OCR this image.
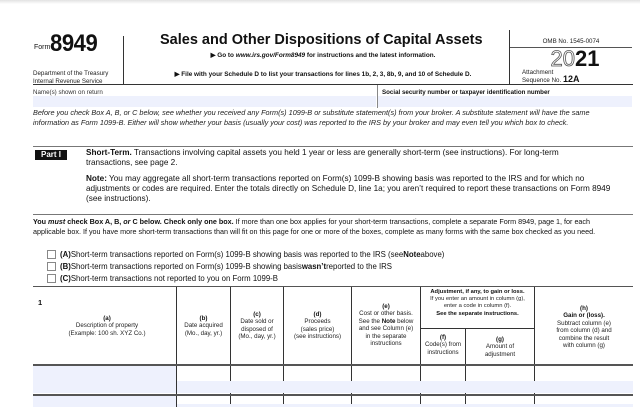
Form 8949
Department of the Treasury
Internal Revenue Service
Sales and Other Dispositions of Capital Assets
▶ Go to www.irs.gov/Form8949 for instructions and the latest information.
▶ File with your Schedule D to list your transactions for lines 1b, 2, 3, 8b, 9, and 10 of Schedule D.
OMB No. 1545-0074
2021
Attachment
Sequence No. 12A
Name(s) shown on return	Social security number or taxpayer identification number
Before you check Box A, B, or C below, see whether you received any Form(s) 1099-B or substitute statement(s) from your broker. A substitute statement will have the same information as Form 1099-B. Either will show whether your basis (usually your cost) was reported to the IRS by your broker and may even tell you which box to check.
Part I	Short-Term. Transactions involving capital assets you held 1 year or less are generally short-term (see instructions). For long-term transactions, see page 2.
Note: You may aggregate all short-term transactions reported on Form(s) 1099-B showing basis was reported to the IRS and for which no adjustments or codes are required. Enter the totals directly on Schedule D, line 1a; you aren’t required to report these transactions on Form 8949 (see instructions).
You must check Box A, B, or C below. Check only one box. If more than one box applies for your short-term transactions, complete a separate Form 8949, page 1, for each applicable box. If you have more short-term transactions than will fit on this page for one or more of the boxes, complete as many forms with the same box checked as you need.
(A) Short-term transactions reported on Form(s) 1099-B showing basis was reported to the IRS (see Note above)
(B) Short-term transactions reported on Form(s) 1099-B showing basis wasn’t reported to the IRS
(C) Short-term transactions not reported to you on Form 1099-B
1
(a)
Description of property
(Example: 100 sh. XYZ Co.)
(b)
Date acquired
(Mo., day, yr.)
(c)
Date sold or
disposed of
(Mo., day, yr.)
(d)
Proceeds
(sales price)
(see instructions)
(e)
Cost or other basis.
See the Note below
and see Column (e)
in the separate
instructions
Adjustment, if any, to gain or loss.
If you enter an amount in column (g),
enter a code in column (f).
See the separate instructions.
(f)
Code(s) from
instructions
(g)
Amount of
adjustment
(h)
Gain or (loss).
Subtract column (e)
from column (d) and
combine the result
with column (g)
